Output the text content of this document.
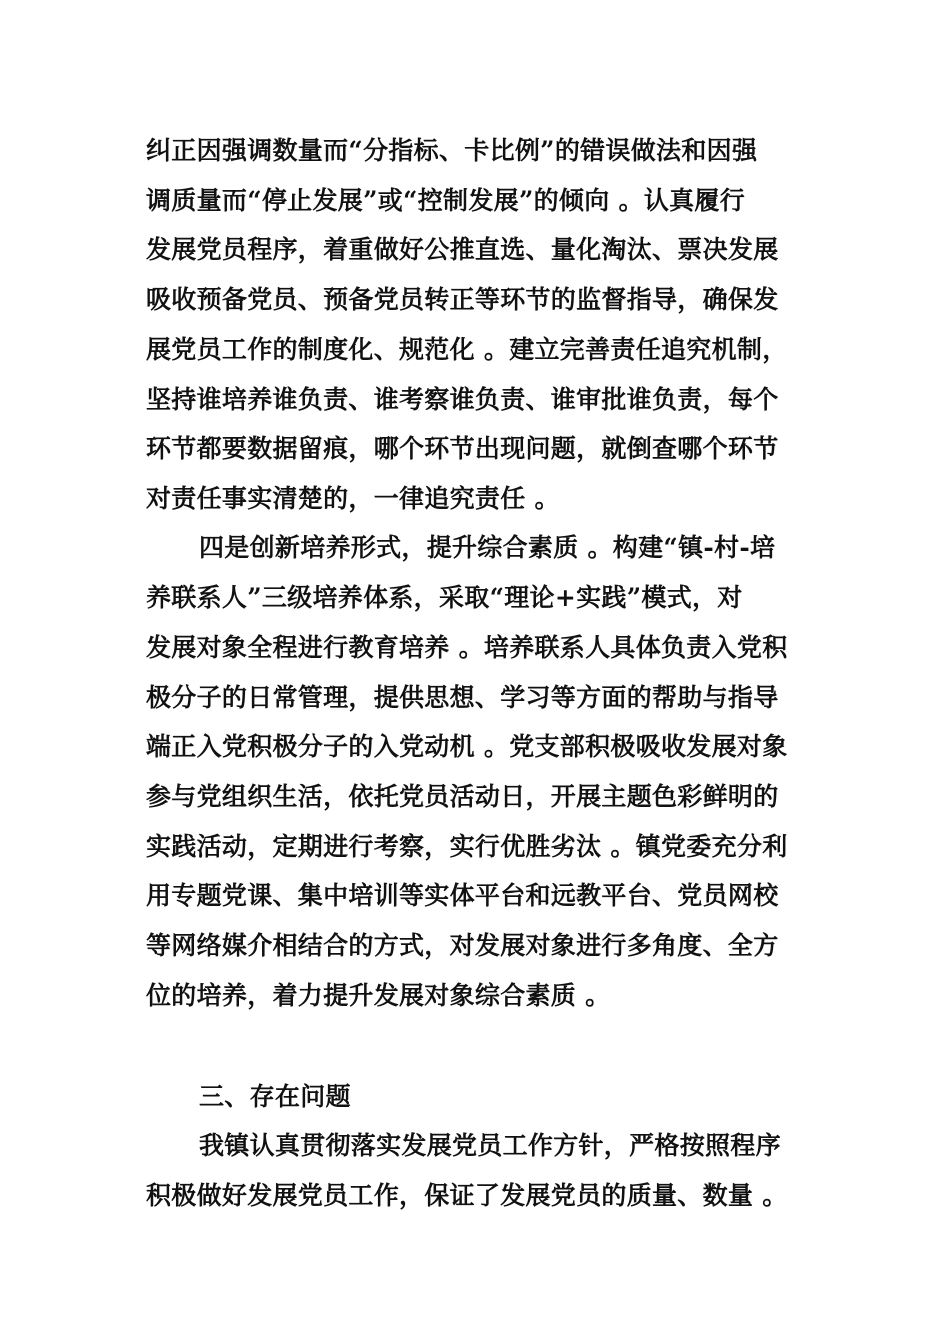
纠正因强调数量而“分指标、卡比例”的错误做法和因强
调质量而“停止发展”或“控制发展”的倾向 。认真履行
发展党员程序，着重做好公推直选、量化淘汰、票决发展
吸收预备党员、预备党员转正等环节的监督指导，确保发
展党员工作的制度化、规范化 。建立完善责任追究机制，
坚持谁培养谁负责、谁考察谁负责、谁审批谁负责，每个
环节都要数据留痕，哪个环节出现问题，就倒查哪个环节
对责任事实清楚的，一律追究责任 。
四是创新培养形式，提升综合素质 。构建“镇-村-培
养联系人”三级培养体系，采取“理论+实践”模式，对
发展对象全程进行教育培养 。培养联系人具体负责入党积
极分子的日常管理，提供思想、学习等方面的帮助与指导
端正入党积极分子的入党动机 。党支部积极吸收发展对象
参与党组织生活，依托党员活动日，开展主题色彩鲜明的
实践活动，定期进行考察，实行优胜劣汰 。镇党委充分利
用专题党课、集中培训等实体平台和远教平台、党员网校
等网络媒介相结合的方式，对发展对象进行多角度、全方
位的培养，着力提升发展对象综合素质 。
三、存在问题
我镇认真贯彻落实发展党员工作方针，严格按照程序
积极做好发展党员工作，保证了发展党员的质量、数量 。
